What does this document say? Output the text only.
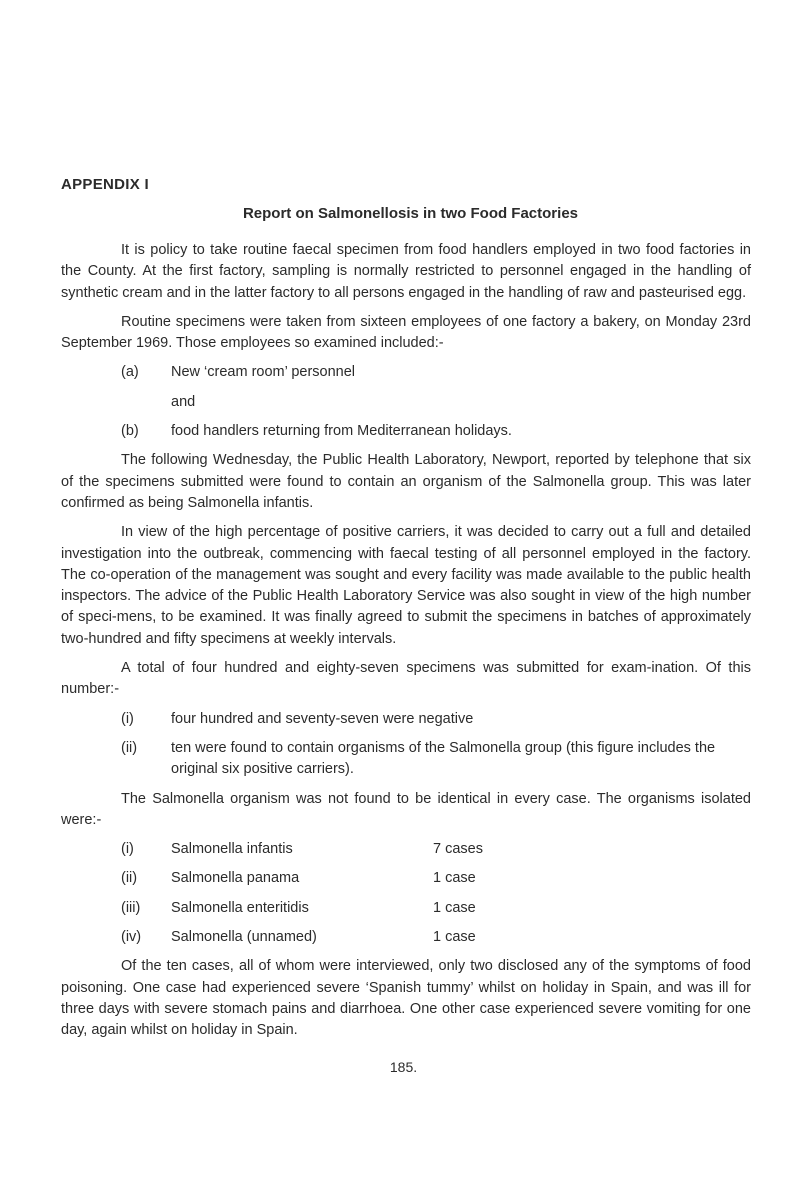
APPENDIX I
Report on Salmonellosis in two Food Factories

It is policy to take routine faecal specimen from food handlers employed in two food factories in the County. At the first factory, sampling is normally restricted to personnel engaged in the handling of synthetic cream and in the latter factory to all persons engaged in the handling of raw and pasteurised egg.

Routine specimens were taken from sixteen employees of one factory a bakery, on Monday 23rd September 1969. Those employees so examined included:-

(a)	New ‘cream room’ personnel
and
(b)	food handlers returning from Mediterranean holidays.

The following Wednesday, the Public Health Laboratory, Newport, reported by telephone that six of the specimens submitted were found to contain an organism of the Salmonella group. This was later confirmed as being Salmonella infantis.

In view of the high percentage of positive carriers, it was decided to carry out a full and detailed investigation into the outbreak, commencing with faecal testing of all personnel employed in the factory. The co-operation of the management was sought and every facility was made available to the public health inspectors. The advice of the Public Health Laboratory Service was also sought in view of the high number of speci-mens, to be examined. It was finally agreed to submit the specimens in batches of approximately two-hundred and fifty specimens at weekly intervals.

A total of four hundred and eighty-seven specimens was submitted for exam-ination. Of this number:-

(i)	four hundred and seventy-seven were negative
(ii)	ten were found to contain organisms of the Salmonella group (this figure includes the original six positive carriers).

The Salmonella organism was not found to be identical in every case. The organisms isolated were:-

(i)	Salmonella infantis	7 cases
(ii)	Salmonella panama	1 case
(iii)	Salmonella enteritidis	1 case
(iv)	Salmonella (unnamed)	1 case

Of the ten cases, all of whom were interviewed, only two disclosed any of the symptoms of food poisoning. One case had experienced severe ‘Spanish tummy’ whilst on holiday in Spain, and was ill for three days with severe stomach pains and diarrhoea. One other case experienced severe vomiting for one day, again whilst on holiday in Spain.

185.
